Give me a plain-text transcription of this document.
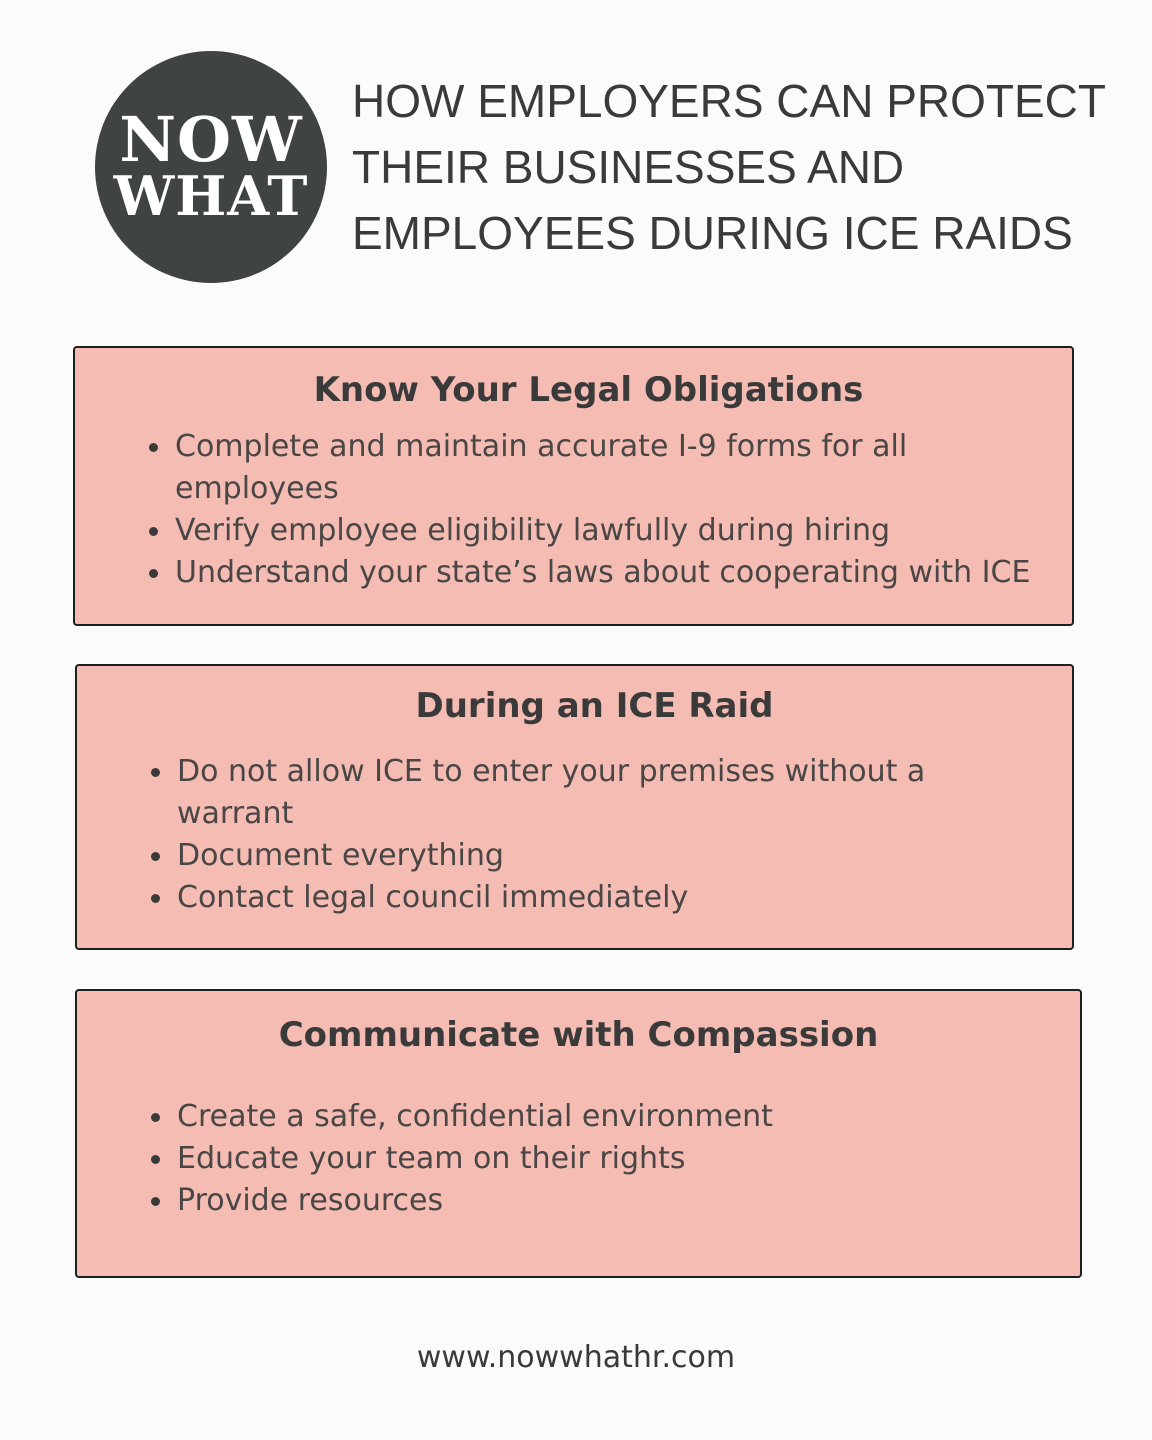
NOW
WHAT
HOW EMPLOYERS CAN PROTECT
THEIR BUSINESSES AND
EMPLOYEES DURING ICE RAIDS
Know Your Legal Obligations
Complete and maintain accurate I-9 forms for all employees
Verify employee eligibility lawfully during hiring
Understand your state’s laws about cooperating with ICE
During an ICE Raid
Do not allow ICE to enter your premises without a warrant
Document everything
Contact legal council immediately
Communicate with Compassion
Create a safe, confidential environment
Educate your team on their rights
Provide resources
www.nowwhathr.com
